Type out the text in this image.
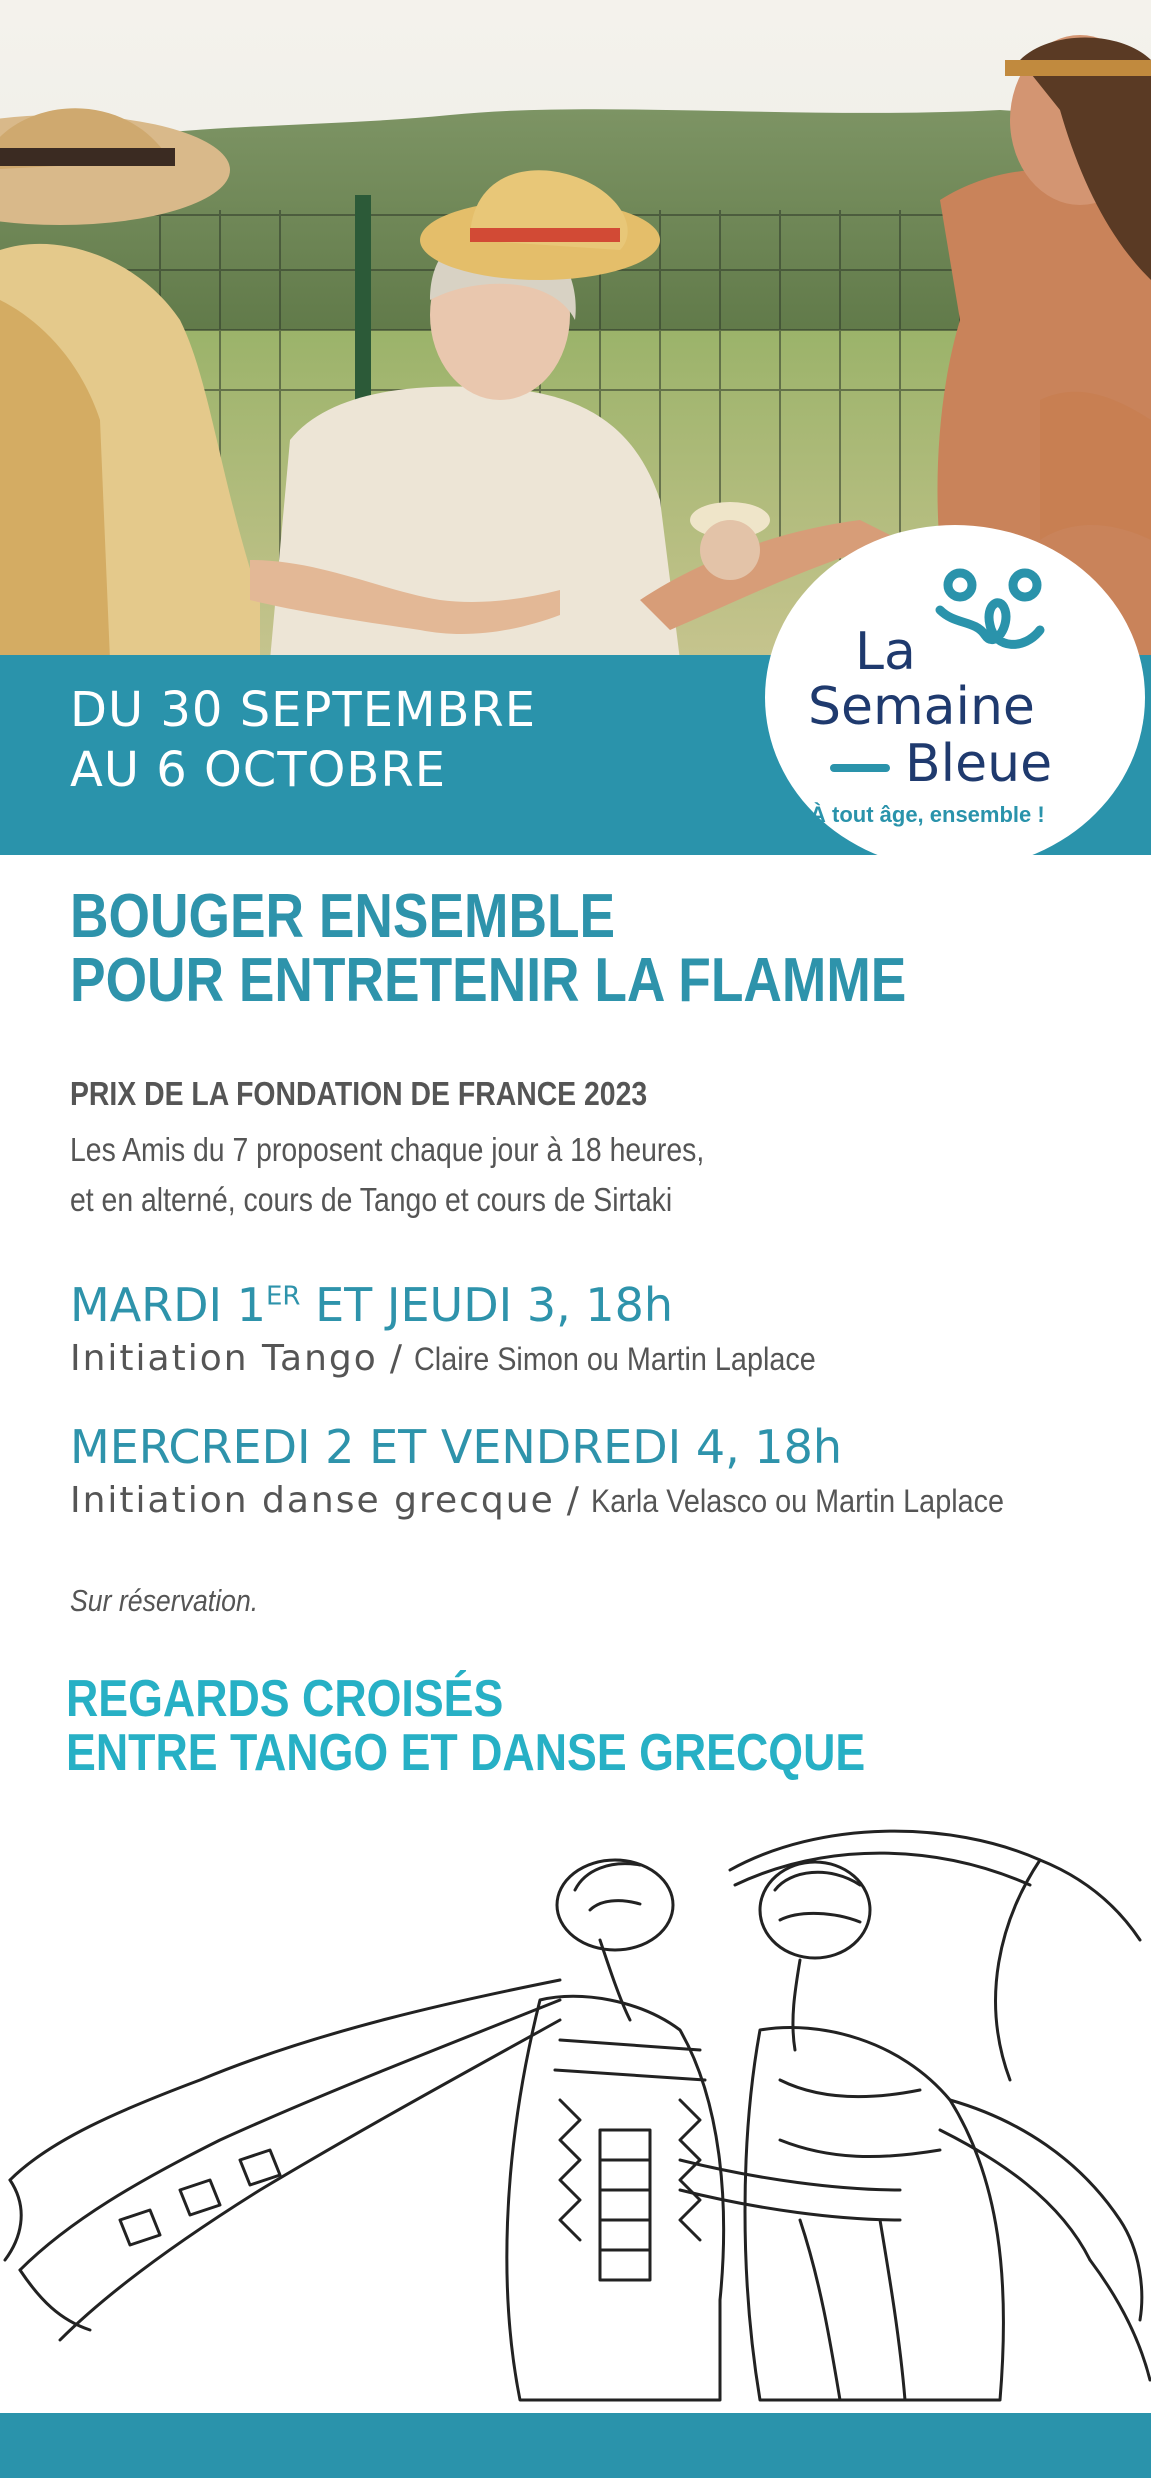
DU 30 SEPTEMBRE
AU 6 OCTOBRE
La
Semaine
Bleue
À tout âge, ensemble !
BOUGER ENSEMBLE
POUR ENTRETENIR LA FLAMME
PRIX DE LA FONDATION DE FRANCE 2023
Les Amis du 7 proposent chaque jour à 18 heures,
et en alterné, cours de Tango et cours de Sirtaki
MARDI 1ER ET JEUDI 3, 18h
Initiation Tango / Claire Simon ou Martin Laplace
MERCREDI 2 ET VENDREDI 4, 18h
Initiation danse grecque / Karla Velasco ou Martin Laplace
Sur réservation.
REGARDS CROISÉS
ENTRE TANGO ET DANSE GRECQUE
